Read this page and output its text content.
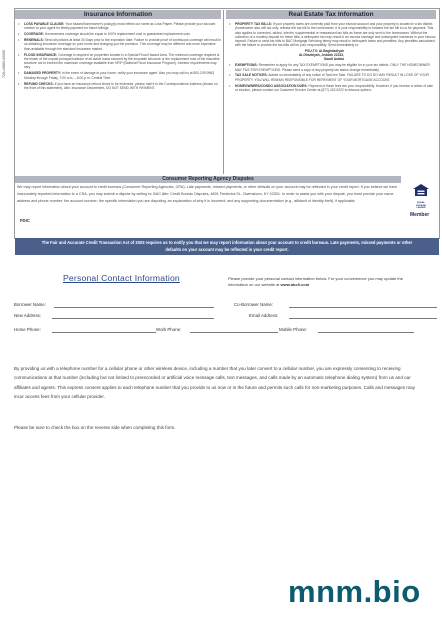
726-c0880-00000
Insurance Information
• LOSS PAYABLE CLAUSE: Your hazard/homeowner's policy(s) must reflect our name as Loss Payee. Please provide your account number to your agent for timely payment for future billings.
• COVERAGE: Homeowners coverage should be equal to 100% replacement cost or guaranteed replacement cost.
• RENEWALS: Send all policies at least 30 Days prior to the expiration date. Failure to provide proof of continuous coverage will result in us obtaining insurance coverage on your home and charging you the premium. This coverage may be different and more expensive than available through the standard insurance market.
• FLOOD INSURANCE: Coverage is required on properties located in a Special Flood Hazard Area. The minimum coverage required is the lesser of the unpaid principal balance of all active loans secured by the insurable structure or the replacement cost of the insurable structure not to exceed the maximum coverage available from NFIP (National Flood Insurance Program). Investor requirements may vary.
• DAMAGED PROPERTY: In the event of damage to your home, notify your insurance agent. Also you may call us at 800-209-9963 Monday through Friday, 7:00 a.m. – 6:00 p.m. Central Time.
• REFUND CHECKS: If you have an insurance refund check to be endorsed, please mail it to the Correspondence Address (shown on the front of this statement), Attn: Insurance Department, DO NOT SEND WITH PAYMENT.
Real Estate Tax Information
• PROPERTY TAX BILLS: If your property taxes are currently paid from your escrow account and your property is located in a tax district (homeowner also will not only, release the tax bill to the homeowner, it is your responsibility to forward the tax bill to us for payment. This also applies to corrected, added, interim, supplemental or reassessed tax bills as these are only sent to the homeowner. Without the collection of a monthly deposit for these bills, a delinquent tax may result in an escrow shortage and subsequent increases in your escrow deposit. Failure to send tax bills to BAC Mortgage Servicing timely may result in delinquent taxes and penalties. Any penalties associated with the failure to provide the tax bills will be your responsibility. Send immediately to:
PSU-TX: Al-Baghdadiyah
Al-Gharbiyah, Jeddah 22233,
Saudi Arabia
• EXEMPTIONS: Remember to apply for any TAX EXEMPTIONS you may be eligible for in your tax district. ONLY THE HOMEOWNER MAY FILE FOR EXEMPTIONS. Please send a copy of any property tax status change immediately.
• TAX SALE NOTICES: Advise us immediately of any notice of Tax/Lien Sale. FAILURE TO DO SO MAY RESULT IN LOSS OF YOUR PROPERTY. YOU WILL REMAIN RESPONSIBLE FOR REPAYMENT OF YOUR MORTGAGE ACCOUNT.
• HOMEOWNERS/CONDO ASSOCIATION DUES: Payment of these fees are your responsibility. However, if you receive a notice of sale or eviction, please contact our Customer Service Center at (877) 422-5222 to discuss options.
Consumer Reporting Agency Disputes
We may report information about your account to credit bureaus (Consumer Reporting Agencies, CRA). Late payments, missed payments, or other defaults on your account may be reflected in your credit report. If you believe we have inaccurately reported information to a CRA, you may submit a dispute by writing to: BAC Attn: Credit Bureau Disputes, 4801 Frederica St., Owensboro, KY 42301. In order to assist you with your dispute, you must provide your name, address and phone number; the account number; the specific information you are disputing; an explanation of why it is incorrect; and any supporting documentation (e.g., affidavit of identity theft), if applicable.	EQUAL HOUSING LENDER
Member
FDIC
The Fair and Accurate Credit Transaction Act of 2003 requires us to notify you that we may report information about your account to credit bureaus. Late payments, missed payments or other defaults on your account may be reflected in your credit report.
Personal Contact Information	Please provide your personal contact information below. For your convenience you may update the information on our website at www.abc0.com
Borrower Name:	Co-Borrower Name:
New Address:	Email Address:
Home Phone:	Work Phone:	Mobile Phone:
By providing us with a telephone number for a cellular phone or other wireless device, including a number that you later convert to a cellular number, you are expressly consenting to receiving communications at that number (including but not limited to prerecorded or artificial voice message calls, text messages, and calls made by an automatic telephone dialing system) from us and our affiliates and agents. This express consent applies to each telephone number that you provide to us now or in the future and permits such calls for non-marketing purposes. Calls and messages may incur access fees from your cellular provider.
Please be sure to check the box on the reverse side when completing this form.
mnm.bio
